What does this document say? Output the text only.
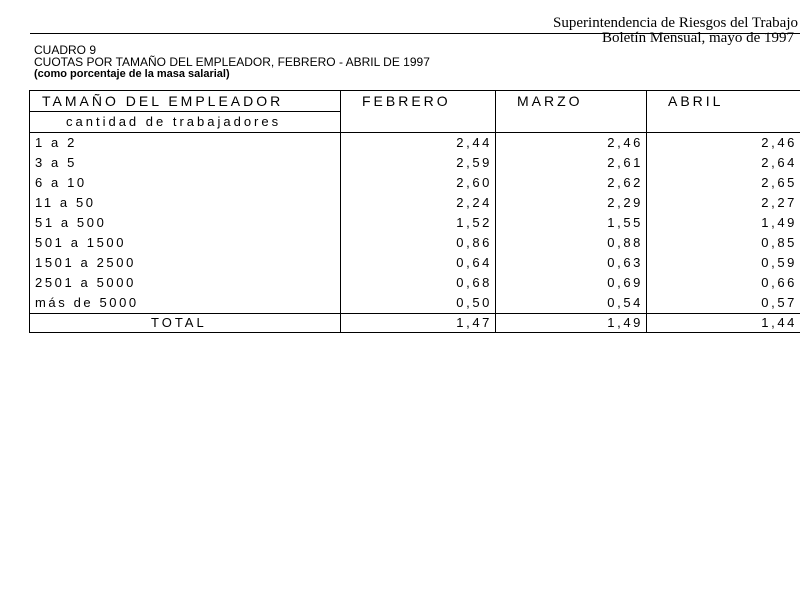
Superintendencia de Riesgos del Trabajo
Boletín Mensual, mayo de 1997
CUADRO 9
CUOTAS POR TAMAÑO DEL EMPLEADOR, FEBRERO - ABRIL DE 1997
(como porcentaje de la masa salarial)
TAMAÑO DEL EMPLEADOR	FEBRERO	MARZO	ABRIL
cantidad de trabajadores			
1 a 2	2,44	2,46	2,46
3 a 5	2,59	2,61	2,64
6 a 10	2,60	2,62	2,65
11 a 50	2,24	2,29	2,27
51 a 500	1,52	1,55	1,49
501 a 1500	0,86	0,88	0,85
1501 a 2500	0,64	0,63	0,59
2501 a 5000	0,68	0,69	0,66
más de 5000	0,50	0,54	0,57
TOTAL	1,47	1,49	1,44
